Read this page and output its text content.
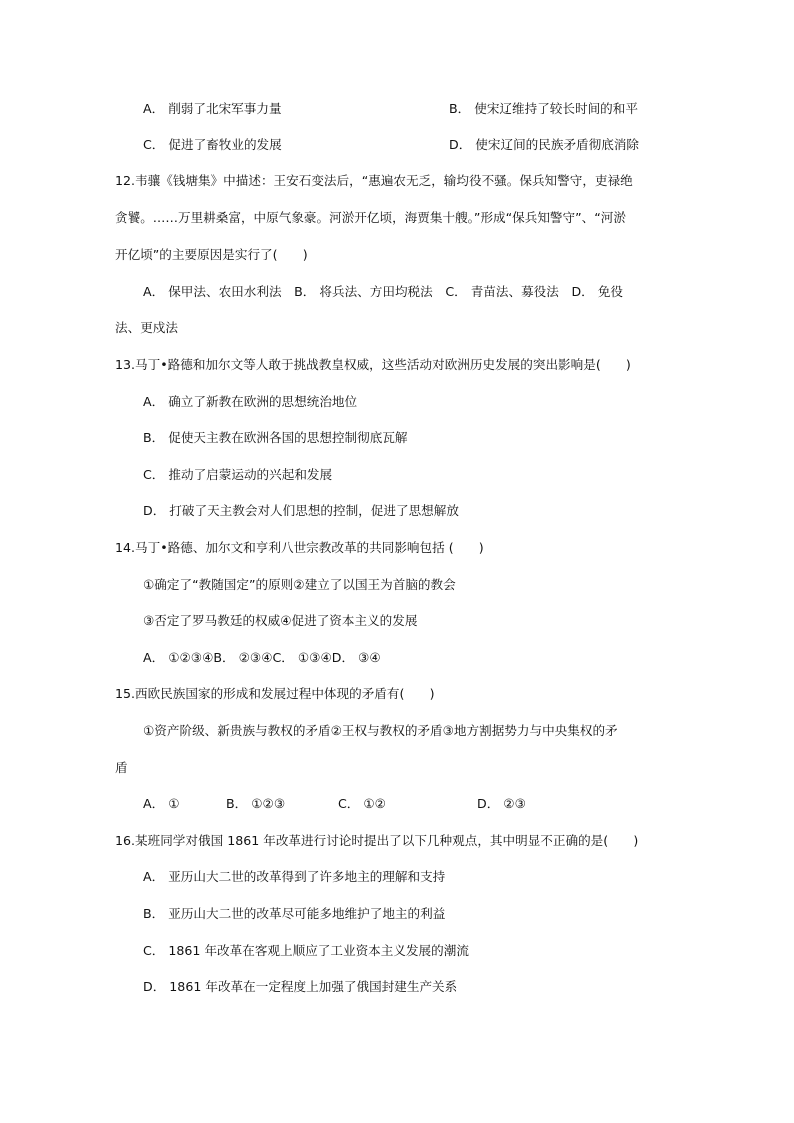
A． 削弱了北宋军事力量	B． 使宋辽维持了较长时间的和平
C． 促进了畜牧业的发展	D． 使宋辽间的民族矛盾彻底消除
12.韦骧《钱塘集》中描述：王安石变法后，“惠遍农无乏，输均役不骚。保兵知警守，吏禄绝
贪饕。……万里耕桑富，中原气象豪。河淤开亿顷，海贾集十艘。”形成“保兵知警守”、“河淤
开亿顷”的主要原因是实行了(　　)
A． 保甲法、农田水利法　B． 将兵法、方田均税法　C． 青苗法、募役法　D． 免役
法、更戍法
13.马丁•路德和加尔文等人敢于挑战教皇权威，这些活动对欧洲历史发展的突出影响是(　　)
A． 确立了新教在欧洲的思想统治地位
B． 促使天主教在欧洲各国的思想控制彻底瓦解
C． 推动了启蒙运动的兴起和发展
D． 打破了天主教会对人们思想的控制，促进了思想解放
14.马丁•路德、加尔文和亨利八世宗教改革的共同影响包括 (　　)
①确定了“教随国定”的原则②建立了以国王为首脑的教会
③否定了罗马教廷的权威④促进了资本主义的发展
A． ①②③④B． ②③④C． ①③④D． ③④
15.西欧民族国家的形成和发展过程中体现的矛盾有(　　)
①资产阶级、新贵族与教权的矛盾②王权与教权的矛盾③地方割据势力与中央集权的矛
盾
A． ①	B． ①②③	C． ①②	D． ②③
16.某班同学对俄国 1861 年改革进行讨论时提出了以下几种观点，其中明显不正确的是(　　)
A． 亚历山大二世的改革得到了许多地主的理解和支持
B． 亚历山大二世的改革尽可能多地维护了地主的利益
C． 1861 年改革在客观上顺应了工业资本主义发展的潮流
D． 1861 年改革在一定程度上加强了俄国封建生产关系
